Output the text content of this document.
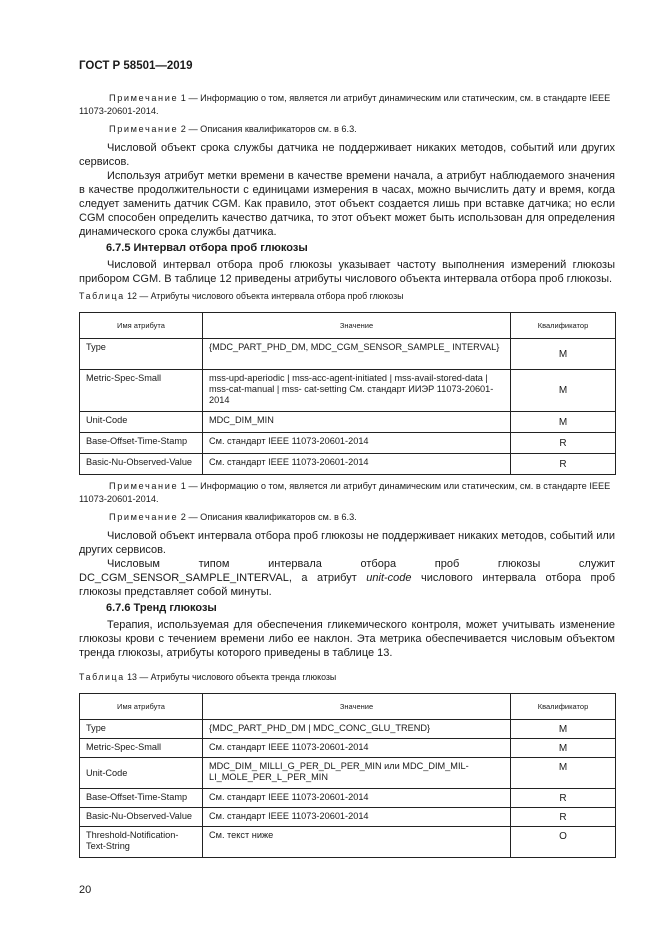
ГОСТ Р 58501—2019

Примечание 1 — Информацию о том, является ли атрибут динамическим или статическим, см. в стандарте IEEE 11073-20601-2014.

Примечание 2 — Описания квалификаторов см. в 6.3.

Числовой объект срока службы датчика не поддерживает никаких методов, событий или других сервисов.

Используя атрибут метки времени в качестве времени начала, а атрибут наблюдаемого значения в качестве продолжительности с единицами измерения в часах, можно вычислить дату и время, когда следует заменить датчик CGM. Как правило, этот объект создается лишь при вставке датчика; но если CGM способен определить качество датчика, то этот объект может быть использован для определения динамического срока службы датчика.

6.7.5 Интервал отбора проб глюкозы

Числовой интервал отбора проб глюкозы указывает частоту выполнения измерений глюкозы прибором CGM. В таблице 12 приведены атрибуты числового объекта интервала отбора проб глюкозы.

Таблица 12 — Атрибуты числового объекта интервала отбора проб глюкозы
Имя атрибута	Значение	Квалификатор
Type	{MDC_PART_PHD_DM, MDC_CGM_SENSOR_SAMPLE_ INTERVAL}	M
Metric-Spec-Small	mss-upd-aperiodic | mss-acc-agent-initiated | mss-avail-stored-data | mss-cat-manual | mss- cat-setting См. стандарт ИИЭР 11073-20601-2014	M
Unit-Code	MDC_DIM_MIN	M
Base-Offset-Time-Stamp	См. стандарт IEEE 11073-20601-2014	R
Basic-Nu-Observed-Value	См. стандарт IEEE 11073-20601-2014	R

Примечание 1 — Информацию о том, является ли атрибут динамическим или статическим, см. в стандарте IEEE 11073-20601-2014.

Примечание 2 — Описания квалификаторов см. в 6.3.

Числовой объект интервала отбора проб глюкозы не поддерживает никаких методов, событий или других сервисов.

Числовым типом интервала отбора проб глюкозы служит DC_CGM_SENSOR_SAMPLE_INTERVAL, а атрибут unit-code числового интервала отбора проб глюкозы представляет собой минуты.

6.7.6 Тренд глюкозы

Терапия, используемая для обеспечения гликемического контроля, может учитывать изменение глюкозы крови с течением времени либо ее наклон. Эта метрика обеспечивается числовым объектом тренда глюкозы, атрибуты которого приведены в таблице 13.

Таблица 13 — Атрибуты числового объекта тренда глюкозы
Имя атрибута	Значение	Квалификатор
Type	{MDC_PART_PHD_DM | MDC_CONC_GLU_TREND}	M
Metric-Spec-Small	См. стандарт IEEE 11073-20601-2014	M
Unit-Code	MDC_DIM_ MILLI_G_PER_DL_PER_MIN или MDC_DIM_MIL-LI_MOLE_PER_L_PER_MIN	M
Base-Offset-Time-Stamp	См. стандарт IEEE 11073-20601-2014	R
Basic-Nu-Observed-Value	См. стандарт IEEE 11073-20601-2014	R
Threshold-Notification-Text-String	См. текст ниже	O
20
